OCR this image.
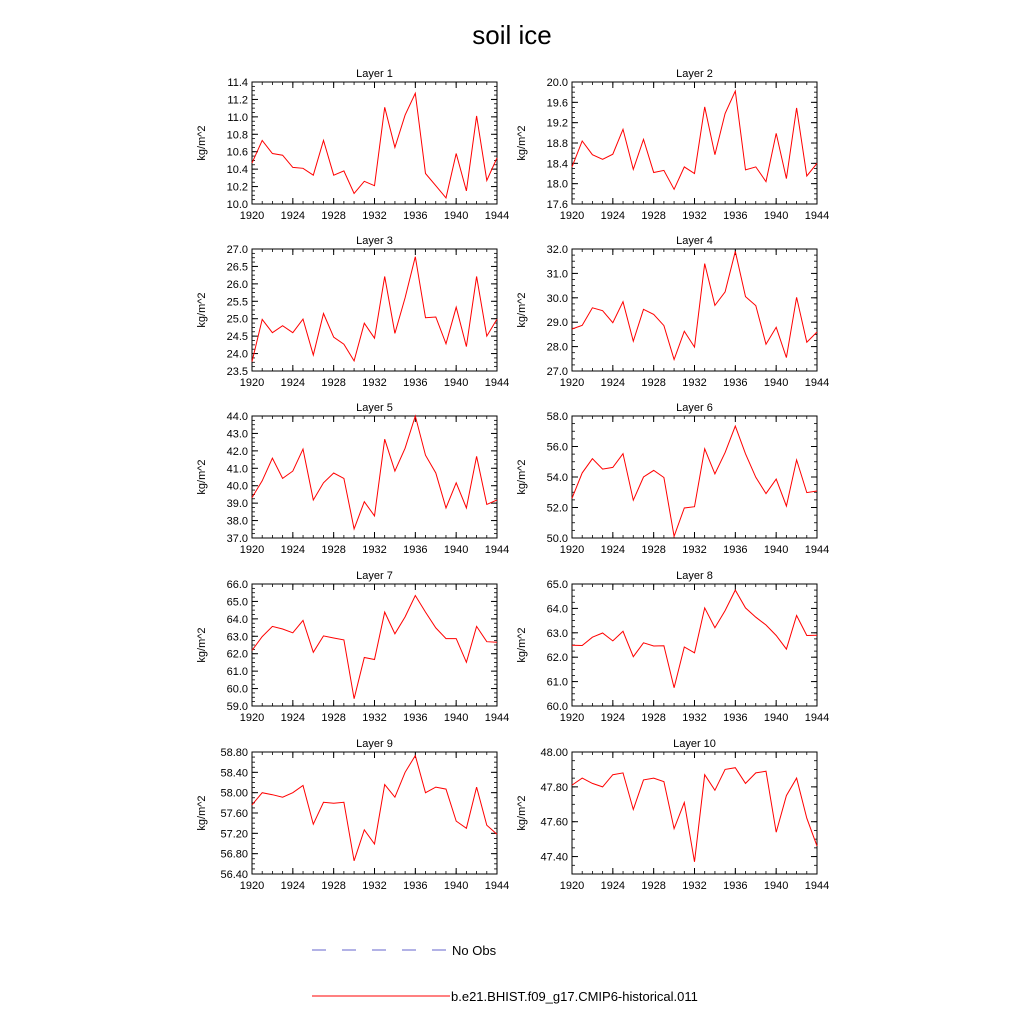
soil ice
Layer 1
kg/m^2
1920 1924 1928 1932 1936 1940 1944
10.0
10.2
10.4
10.6
10.8
11.0
11.2
11.4
Layer 2
kg/m^2
1920 1924 1928 1932 1936 1940 1944
17.6
18.0
18.4
18.8
19.2
19.6
20.0
Layer 3
kg/m^2
1920 1924 1928 1932 1936 1940 1944
23.5
24.0
24.5
25.0
25.5
26.0
26.5
27.0
Layer 4
kg/m^2
1920 1924 1928 1932 1936 1940 1944
27.0
28.0
29.0
30.0
31.0
32.0
Layer 5
kg/m^2
1920 1924 1928 1932 1936 1940 1944
37.0
38.0
39.0
40.0
41.0
42.0
43.0
44.0
Layer 6
kg/m^2
1920 1924 1928 1932 1936 1940 1944
50.0
52.0
54.0
56.0
58.0
Layer 7
kg/m^2
1920 1924 1928 1932 1936 1940 1944
59.0
60.0
61.0
62.0
63.0
64.0
65.0
66.0
Layer 8
kg/m^2
1920 1924 1928 1932 1936 1940 1944
60.0
61.0
62.0
63.0
64.0
65.0
Layer 9
kg/m^2
1920 1924 1928 1932 1936 1940 1944
56.40
56.80
57.20
57.60
58.00
58.40
58.80
Layer 10
kg/m^2
1920 1924 1928 1932 1936 1940 1944
47.40
47.60
47.80
48.00
No Obs
b.e21.BHIST.f09_g17.CMIP6-historical.011
